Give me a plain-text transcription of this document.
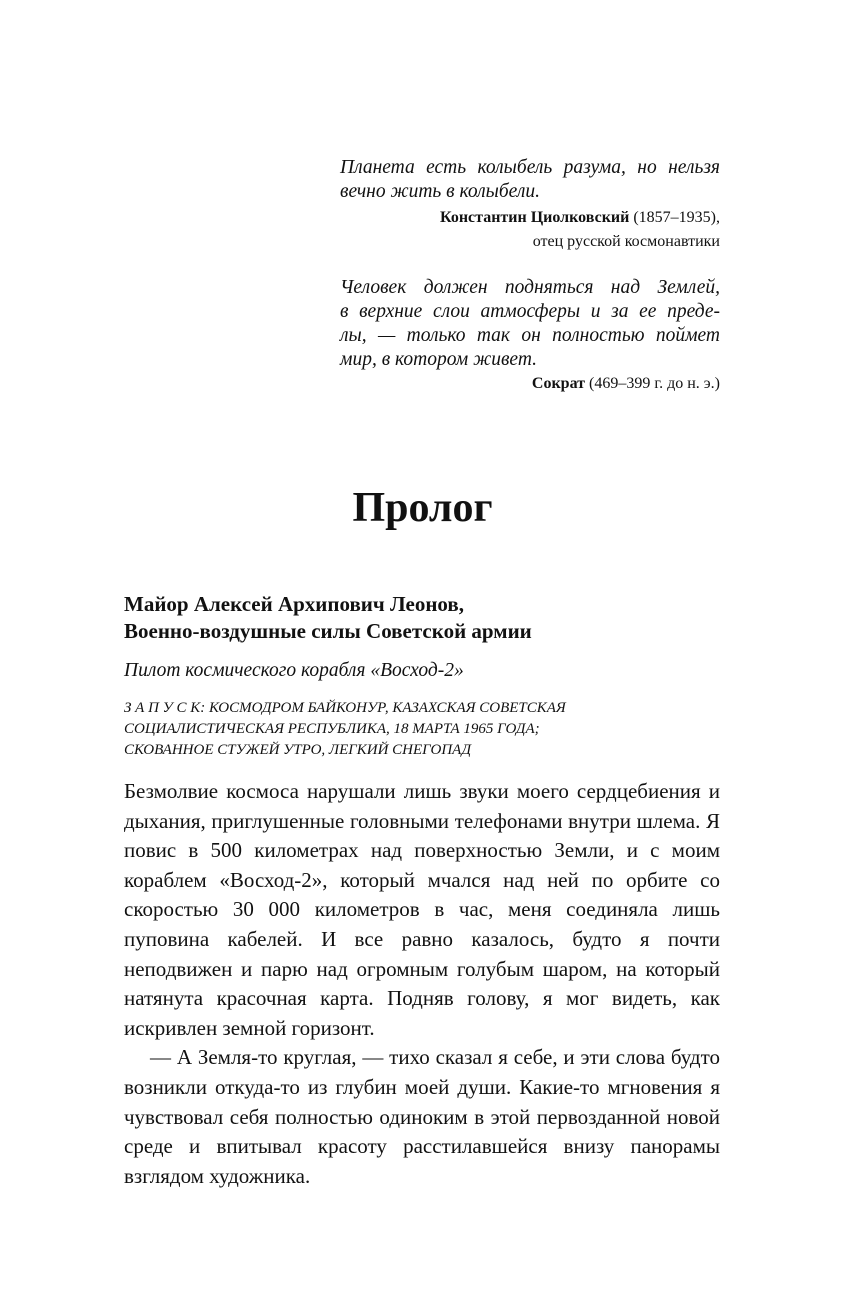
Планета есть колыбель разума, но нельзя
вечно жить в колыбели.
Константин Циолковский (1857–1935),
отец русской космонавтики
Человек должен подняться над Землей,
в верхние слои атмосферы и за ее преде-
лы, — только так он полностью поймет
мир, в котором живет.
Сократ (469–399 г. до н. э.)
Пролог
Майор Алексей Архипович Леонов,
Военно-воздушные силы Советской армии
Пилот космического корабля «Восход-2»
З А П У С К: КОСМОДРОМ БАЙКОНУР, КАЗАХСКАЯ СОВЕТСКАЯ
СОЦИАЛИСТИЧЕСКАЯ РЕСПУБЛИКА, 18 МАРТА 1965 ГОДА;
СКОВАННОЕ СТУЖЕЙ УТРО, ЛЕГКИЙ СНЕГОПАД

Безмолвие космоса нарушали лишь звуки моего сердцебиения и дыхания, приглушенные головными телефонами внутри шлема. Я повис в 500 километрах над поверхностью Земли, и с моим кораблем «Восход-2», который мчался над ней по орбите со скоростью 30 000 километров в час, меня соединяла лишь пуповина кабелей. И все равно казалось, будто я почти неподвижен и парю над огромным голубым шаром, на который натянута красочная карта. Подняв голову, я мог видеть, как искривлен земной горизонт.

— А Земля-то круглая, — тихо сказал я себе, и эти слова будто возникли откуда-то из глубин моей души. Какие-то мгновения я чувствовал себя полностью одиноким в этой первозданной новой среде и впитывал красоту расстилавшейся внизу панорамы взглядом художника.
